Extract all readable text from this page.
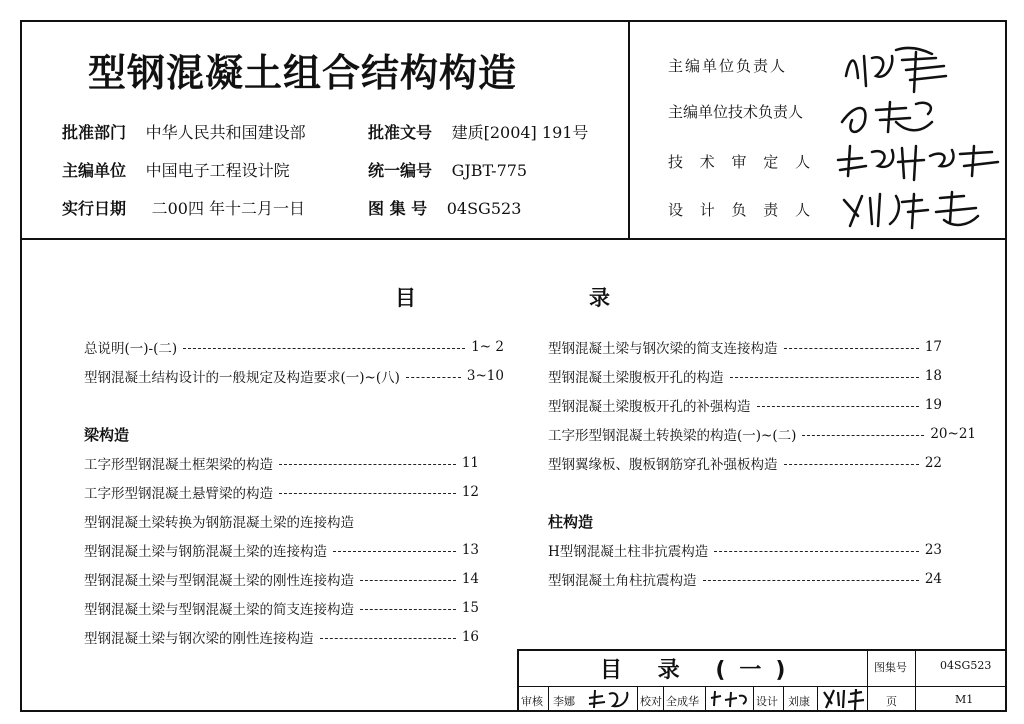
型钢混凝土组合结构构造
批准部门 中华人民共和国建设部
主编单位 中国电子工程设计院
实行日期 二00四 年十二月一日
批准文号 建质[2004] 191号
统一编号 GJBT-775
图 集 号 04SG523
主编单位负责人
主编单位技术负责人
技 术 审 定 人
设 计 负 责 人
目	录
总说明(一)-(二)	1~ 2
型钢混凝土结构设计的一般规定及构造要求(一)~(八)	3~10
梁构造
工字形型钢混凝土框架梁的构造	11
工字形型钢混凝土悬臂梁的构造	12
型钢混凝土梁转换为钢筋混凝土梁的连接构造
型钢混凝土梁与钢筋混凝土梁的连接构造	13
型钢混凝土梁与型钢混凝土梁的刚性连接构造	14
型钢混凝土梁与型钢混凝土梁的简支连接构造	15
型钢混凝土梁与钢次梁的刚性连接构造	16
型钢混凝土梁与钢次梁的简支连接构造	17
型钢混凝土梁腹板开孔的构造	18
型钢混凝土梁腹板开孔的补强构造	19
工字形型钢混凝土转换梁的构造(一)~(二)	20~21
型钢翼缘板、腹板钢筋穿孔补强板构造	22
柱构造
H型钢混凝土柱非抗震构造	23
型钢混凝土角柱抗震构造	24
目 录 (一)	图集号	04SG523
页	M1
审核 李娜	校对 全成华	设计 刘康
